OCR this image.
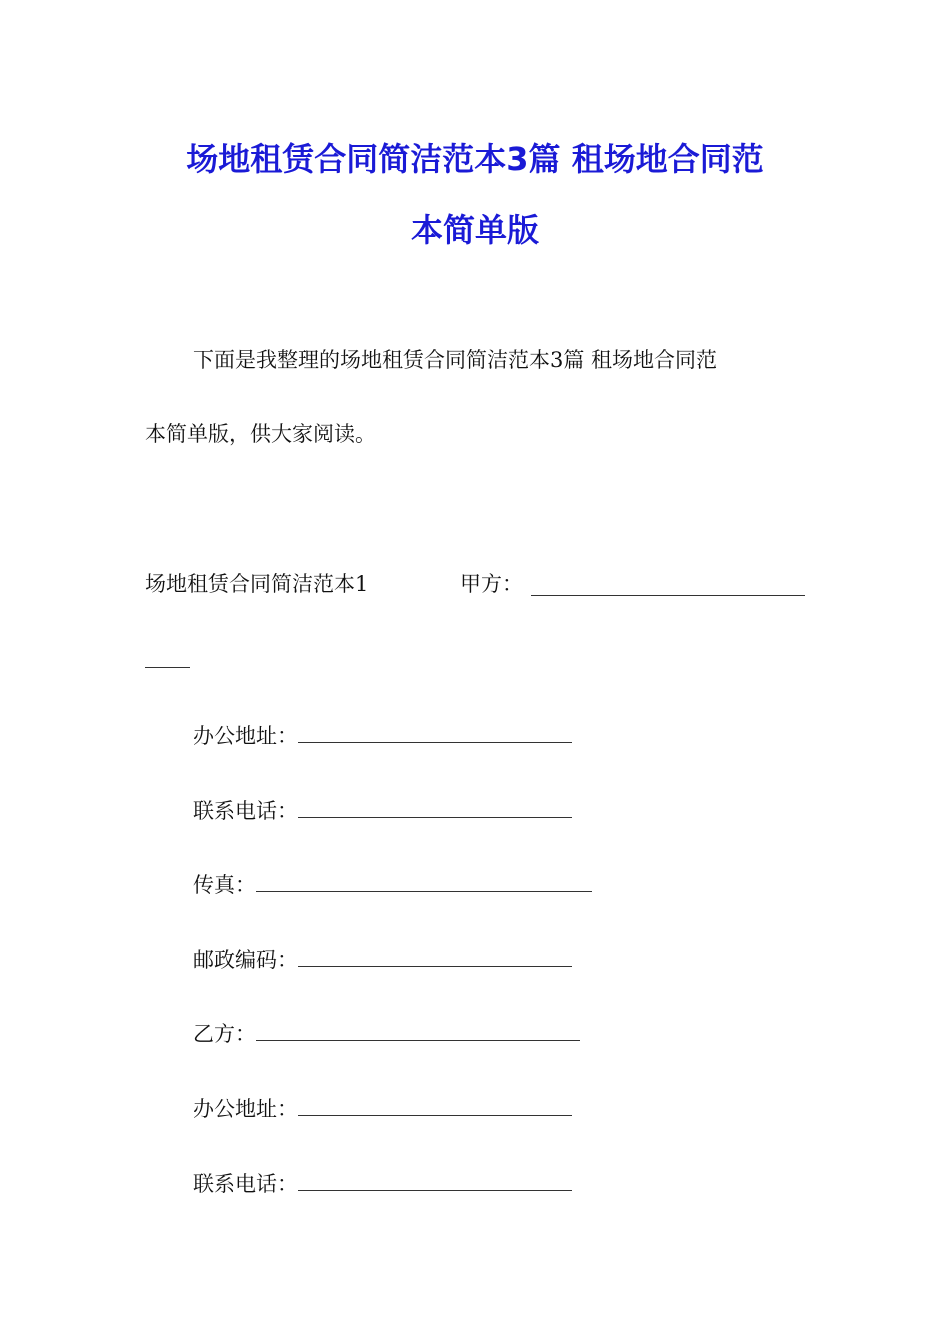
场地租赁合同简洁范本3篇 租场地合同范
本简单版
下面是我整理的场地租赁合同简洁范本3篇 租场地合同范
本简单版，供大家阅读。
场地租赁合同简洁范本1	甲方：
办公地址：
联系电话：
传真：
邮政编码：
乙方：
办公地址：
联系电话：
